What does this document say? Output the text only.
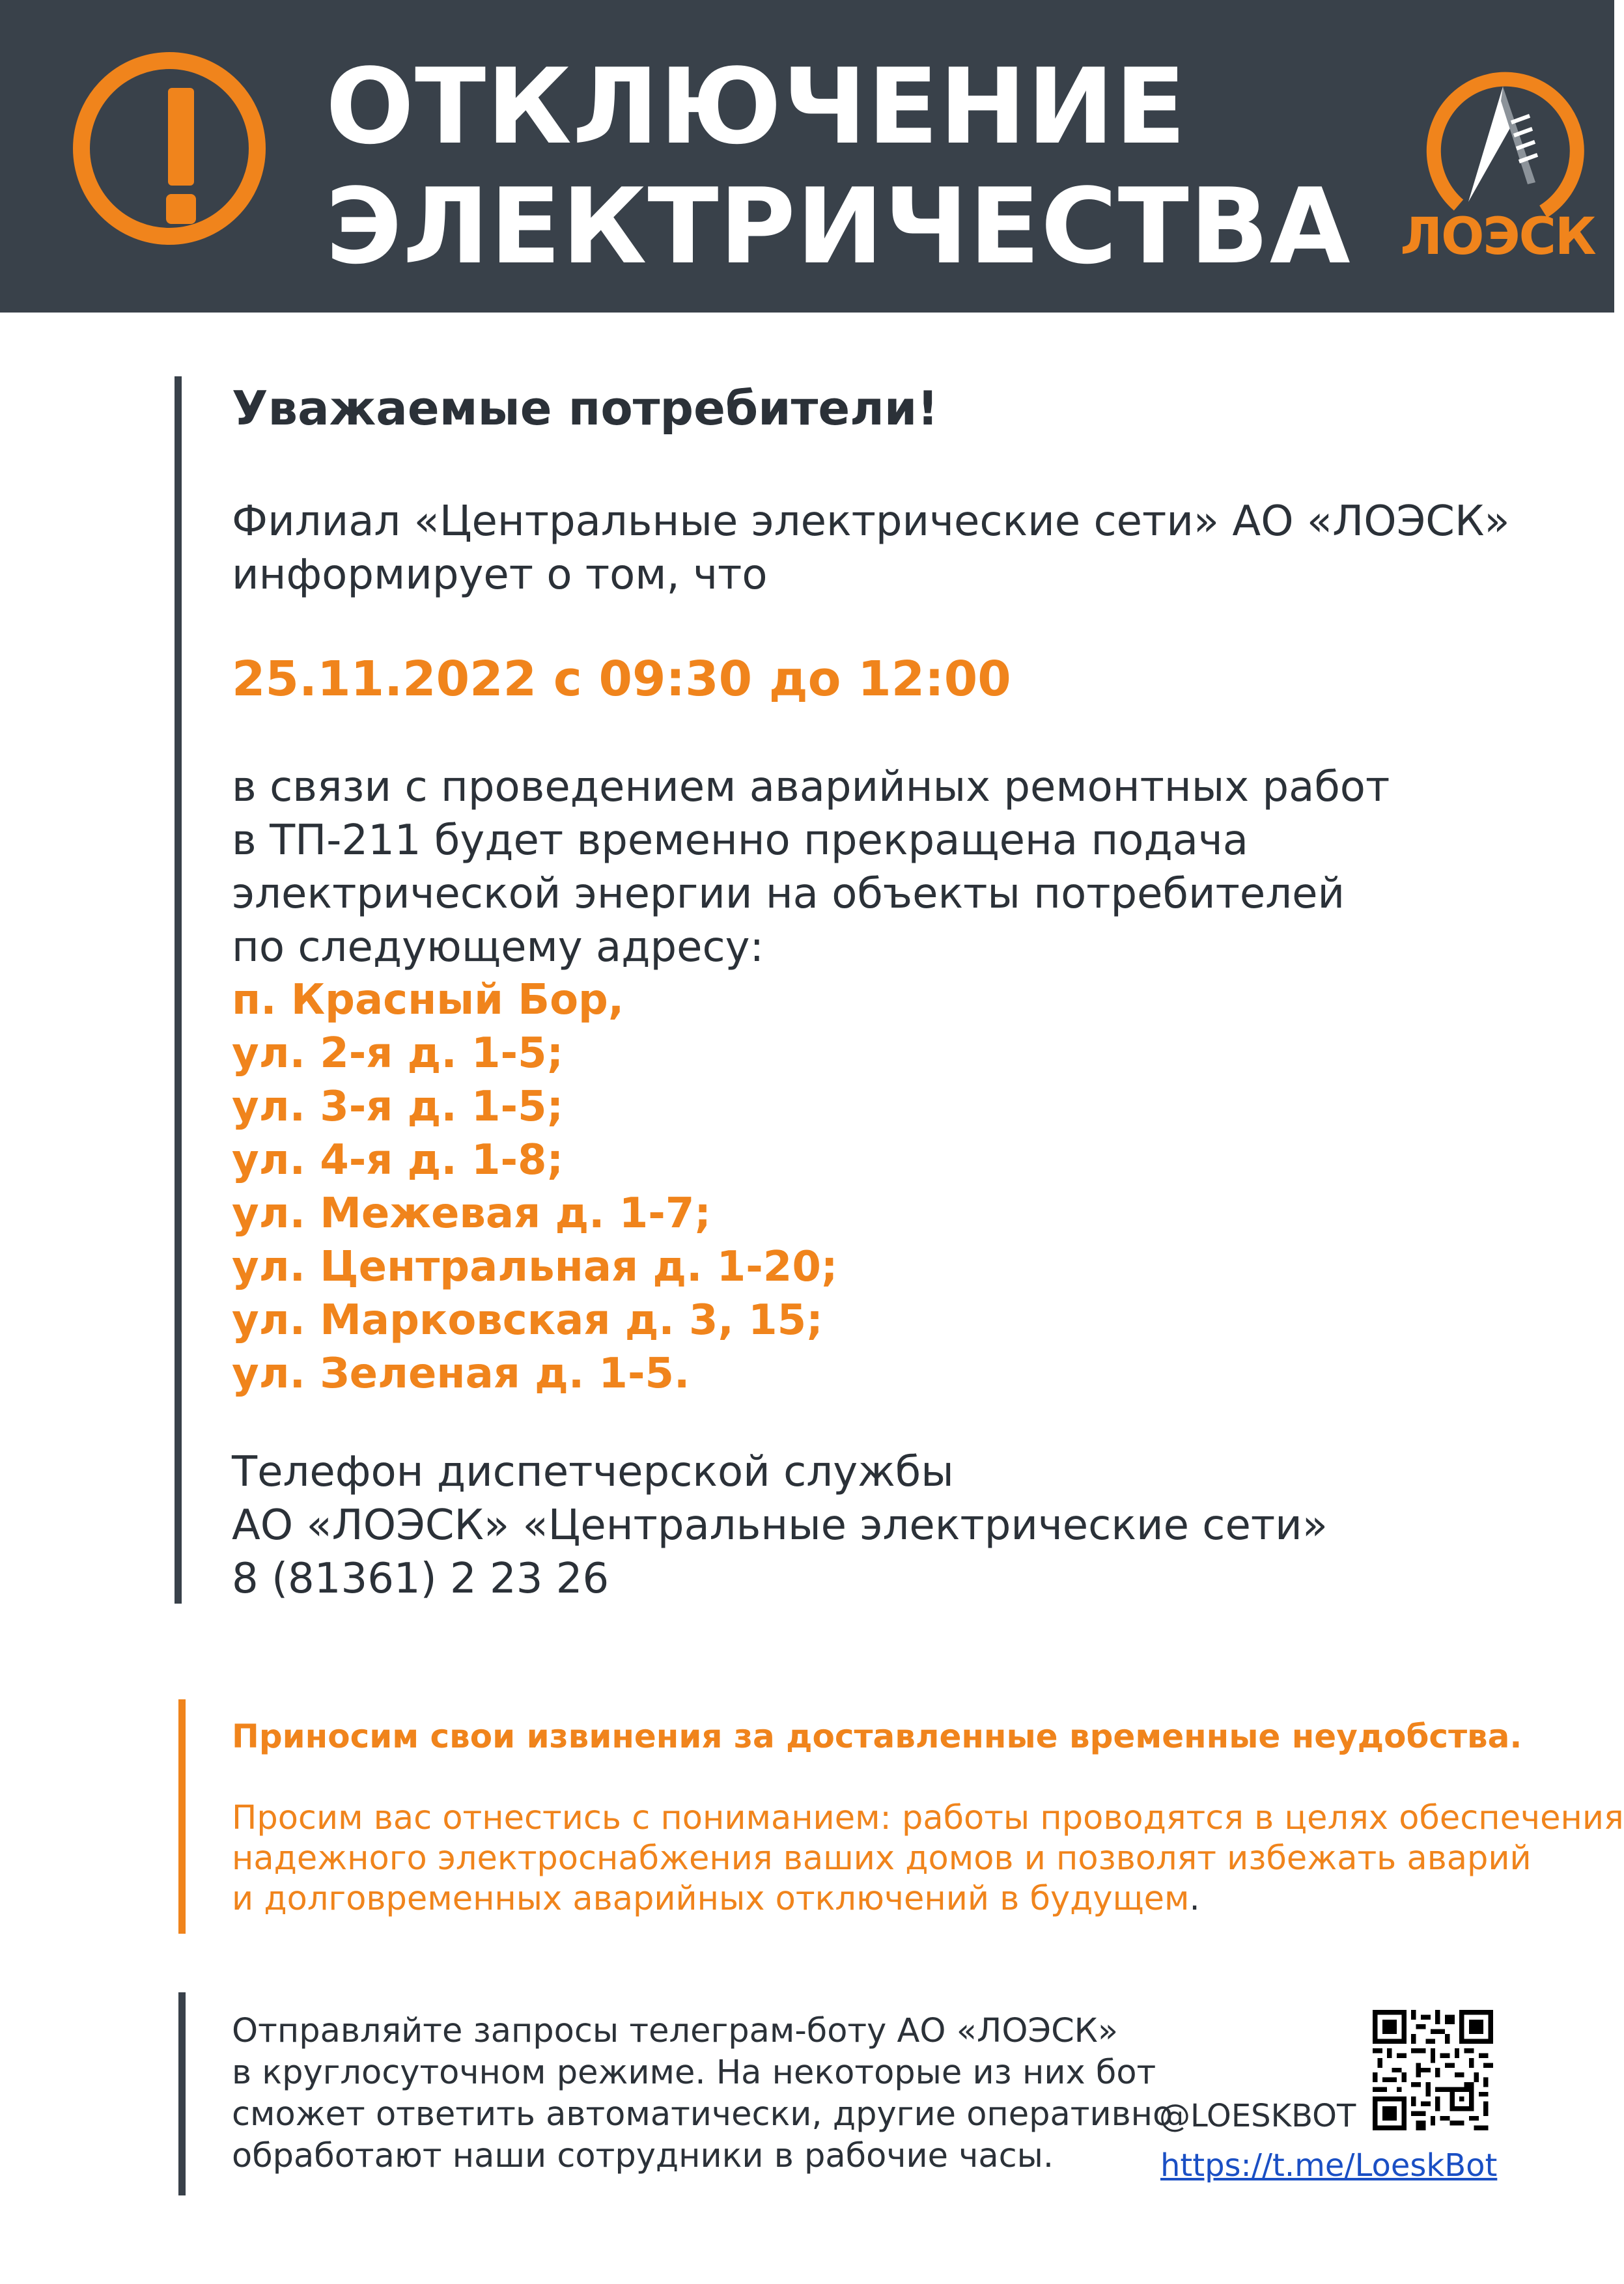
ОТКЛЮЧЕНИЕ
ЭЛЕКТРИЧЕСТВА ЛОЭСК
Уважаемые потребители!
Филиал «Центральные электрические сети» АО «ЛОЭСК»
информирует о том, что
25.11.2022 с 09:30 до 12:00
в связи с проведением аварийных ремонтных работ
в ТП-211 будет временно прекращена подача
электрической энергии на объекты потребителей
по следующему адресу:
п. Красный Бор,
ул. 2-я д. 1-5;
ул. 3-я д. 1-5;
ул. 4-я д. 1-8;
ул. Межевая д. 1-7;
ул. Центральная д. 1-20;
ул. Марковская д. 3, 15;
ул. Зеленая д. 1-5.
Телефон диспетчерской службы
АО «ЛОЭСК» «Центральные электрические сети»
8 (81361) 2 23 26
Приносим свои извинения за доставленные временные неудобства.
Просим вас отнестись с пониманием: работы проводятся в целях обеспечения
надежного электроснабжения ваших домов и позволят избежать аварий
и долговременных аварийных отключений в будущем.
Отправляйте запросы телеграм-боту АО «ЛОЭСК»
в круглосуточном режиме. На некоторые из них бот
сможет ответить автоматически, другие оперативно
обработают наши сотрудники в рабочие часы.
@LOESKBOT
https://t.me/LoeskBot
